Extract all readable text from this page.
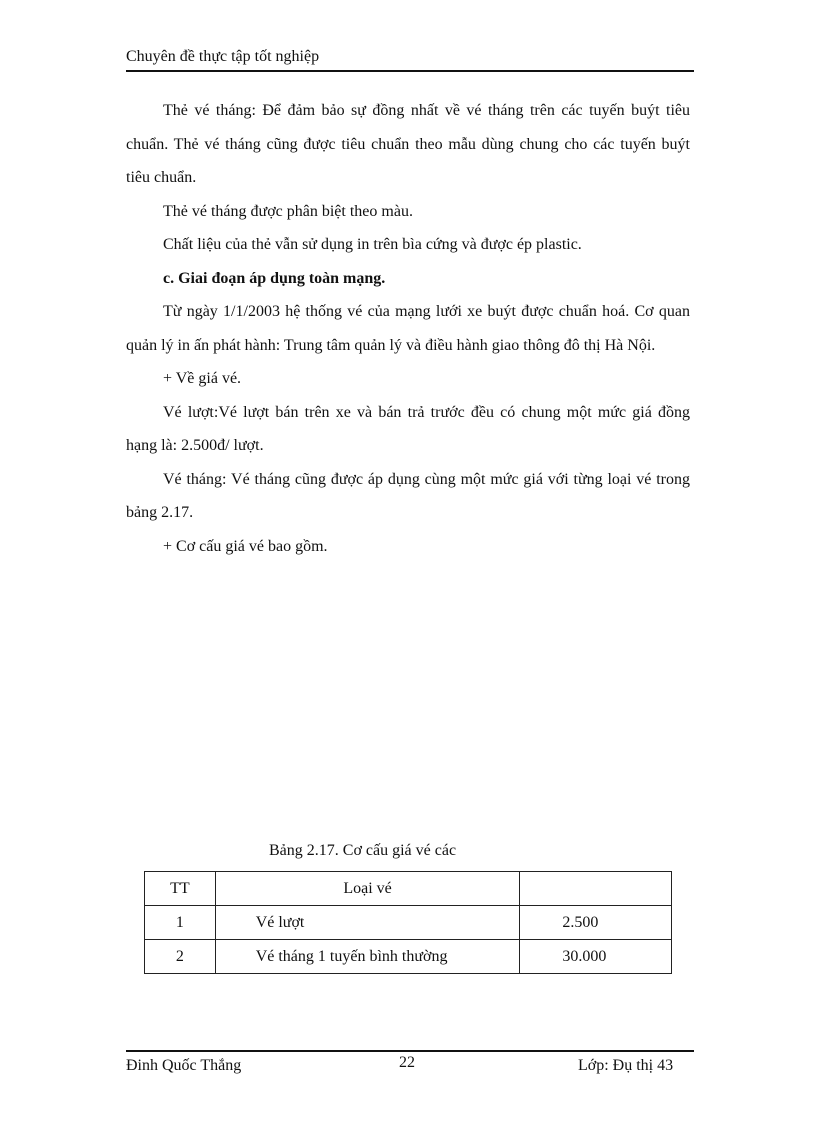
Chuyên đề thực tập tốt nghiệp

Thẻ vé tháng: Để đảm bảo sự đồng nhất về vé tháng trên các tuyến buýt tiêu chuẩn. Thẻ vé tháng cũng được tiêu chuẩn theo mẫu dùng chung cho các tuyến buýt tiêu chuẩn.

Thẻ vé tháng được phân biệt theo màu.

Chất liệu của thẻ vẫn sử dụng in trên bìa cứng và được ép plastic.

c. Giai đoạn áp dụng toàn mạng.

Từ ngày 1/1/2003 hệ thống vé của mạng lưới xe buýt được chuẩn hoá. Cơ quan quản lý in ấn phát hành: Trung tâm quản lý và điều hành giao thông đô thị Hà Nội.

+ Về giá vé.

Vé lượt:Vé lượt bán trên xe và bán trả trước đều có chung một mức giá đồng hạng là: 2.500đ/ lượt.

Vé tháng: Vé tháng cũng được áp dụng cùng một mức giá với từng loại vé trong bảng 2.17.

+ Cơ cấu giá vé bao gồm.

Bảng 2.17. Cơ cấu giá vé các
TT	Loại vé	
1	Vé lượt	2.500
2	Vé tháng 1 tuyến bình thường	30.000
Đinh Quốc Thắng	22	Lớp: Đụ thị 43
